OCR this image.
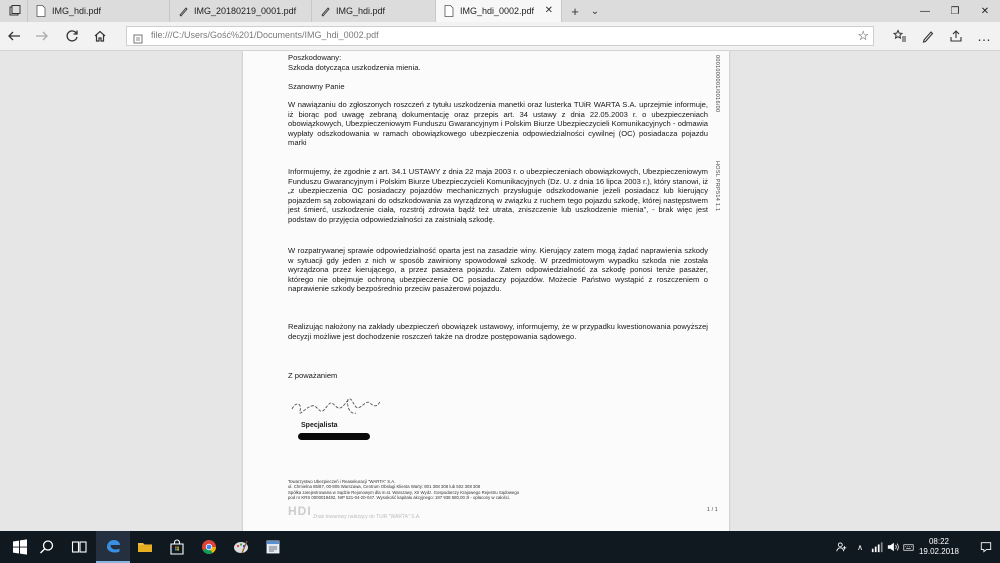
IMG_hdi.pdf	IMG_20180219_0001.pdf	IMG_hdi.pdf	IMG_hdi_0002.pdf ✕	+	⌄	—	❐	✕
file:///C:/Users/Gość%201/Documents/IMG_hdi_0002.pdf	☆	…
Poszkodowany:
Szkoda dotycząca uszkodzenia mienia.
Szanowny Panie
W nawiązaniu do zgłoszonych roszczeń z tytułu uszkodzenia manetki oraz lusterka TUiR WARTA S.A. uprzejmie informuje, iż biorąc pod uwagę zebraną dokumentację oraz przepis art. 34 ustawy z dnia 22.05.2003 r. o ubezpieczeniach obowiązkowych, Ubezpieczeniowym Funduszu Gwarancyjnym i Polskim Biurze Ubezpieczycieli Komunikacyjnych - odmawia wypłaty odszkodowania w ramach obowiązkowego ubezpieczenia odpowiedzialności cywilnej (OC) posiadacza pojazdu marki
Informujemy, że zgodnie z art. 34.1 USTAWY z dnia 22 maja 2003 r. o ubezpieczeniach obowiązkowych, Ubezpieczeniowym Funduszu Gwarancyjnym i Polskim Biurze Ubezpieczycieli Komunikacyjnych (Dz. U. z dnia 16 lipca 2003 r.), który stanowi, iż „z ubezpieczenia OC posiadaczy pojazdów mechanicznych przysługuje odszkodowanie jeżeli posiadacz lub kierujący pojazdem są zobowiązani do odszkodowania za wyrządzoną w związku z ruchem tego pojazdu szkodę, której następstwem jest śmierć, uszkodzenie ciała, rozstrój zdrowia bądź też utrata, zniszczenie lub uszkodzenie mienia”, - brak więc jest podstaw do przyjęcia odpowiedzialności za zaistniałą szkodę.
W rozpatrywanej sprawie odpowiedzialność oparta jest na zasadzie winy. Kierujący zatem mogą żądać naprawienia szkody w sytuacji gdy jeden z nich w sposób zawiniony spowodował szkodę. W przedmiotowym wypadku szkoda nie została wyrządzona przez kierującego, a przez pasażera pojazdu. Zatem odpowiedzialność za szkodę ponosi tenże pasażer, którego nie obejmuje ochroną ubezpieczenie OC posiadaczy pojazdów. Możecie Państwo wystąpić z roszczeniem o naprawienie szkody bezpośrednio przeciw pasażerowi pojazdu.
Realizując nałożony na zakłady ubezpieczeń obowiązek ustawowy, informujemy, że w przypadku kwestionowania powyższej decyzji możliwe jest dochodzenie roszczeń także na drodze postępowania sądowego.
Z poważaniem
Specjalista
0001000001/0016/00
HOSL PRP514 1.1
Towarzystwo Ubezpieczeń i Reasekuracji "WARTA" S.A.
ul. Chmielna 85/87, 00-805 Warszawa, Centrum Obsługi Klienta Warty: 801 308 308 lub 502 308 308
Spółka zarejestrowana w Sądzie Rejonowym dla m.st. Warszawy, XII Wydz. Gospodarczy Krajowego Rejestru Sądowego
pod nr KRS 0000019482, NIP 521-04-20-047. Wysokość kapitału akcyjnego: 187 938 580,00 zł - opłacony w całości.
HDI Znak towarowy należący do TUiR "WARTA" S.A.
1 / 1
∧
08:22
19.02.2018
